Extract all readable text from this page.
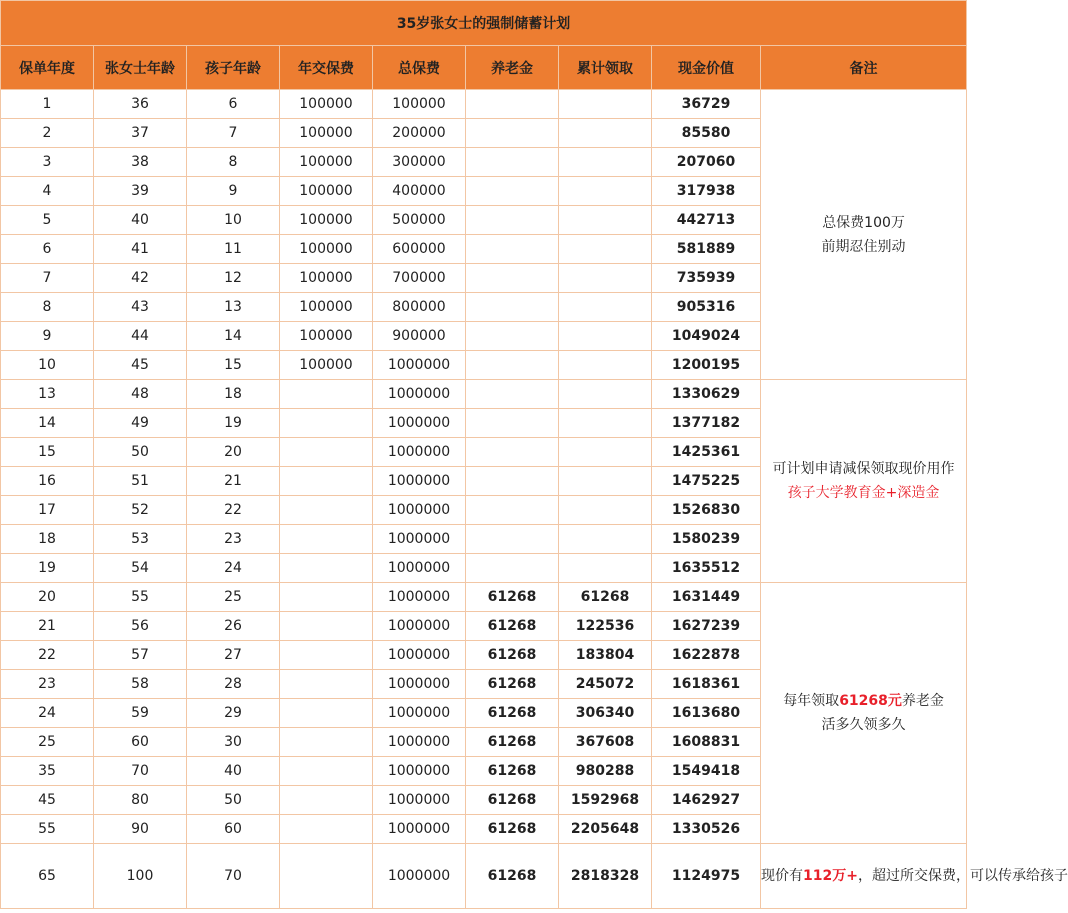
35岁张女士的强制储蓄计划								
保单年度	张女士年龄	孩子年龄	年交保费	总保费	养老金	累计领取	现金价值	备注
1	36	6	100000	100000			36729	总保费100万
前期忍住别动

2	37	7	100000	200000			85580	
3	38	8	100000	300000			207060	
4	39	9	100000	400000			317938	
5	40	10	100000	500000			442713	
6	41	11	100000	600000			581889	
7	42	12	100000	700000			735939	
8	43	13	100000	800000			905316	
9	44	14	100000	900000			1049024	
10	45	15	100000	1000000			1200195	
13	48	18		1000000			1330629	可计划申请减保领取现价用作
孩子大学教育金+深造金

14	49	19		1000000			1377182	
15	50	20		1000000			1425361	
16	51	21		1000000			1475225	
17	52	22		1000000			1526830	
18	53	23		1000000			1580239	
19	54	24		1000000			1635512	
20	55	25		1000000	61268	61268	1631449	每年领取61268元养老金
活多久领多久

21	56	26		1000000	61268	122536	1627239	
22	57	27		1000000	61268	183804	1622878	
23	58	28		1000000	61268	245072	1618361	
24	59	29		1000000	61268	306340	1613680	
25	60	30		1000000	61268	367608	1608831	
35	70	40		1000000	61268	980288	1549418	
45	80	50		1000000	61268	1592968	1462927	
55	90	60		1000000	61268	2205648	1330526	
65	100	70		1000000	61268	2818328	1124975	现价有112万+，超过所交保费，可以传承给孩子
